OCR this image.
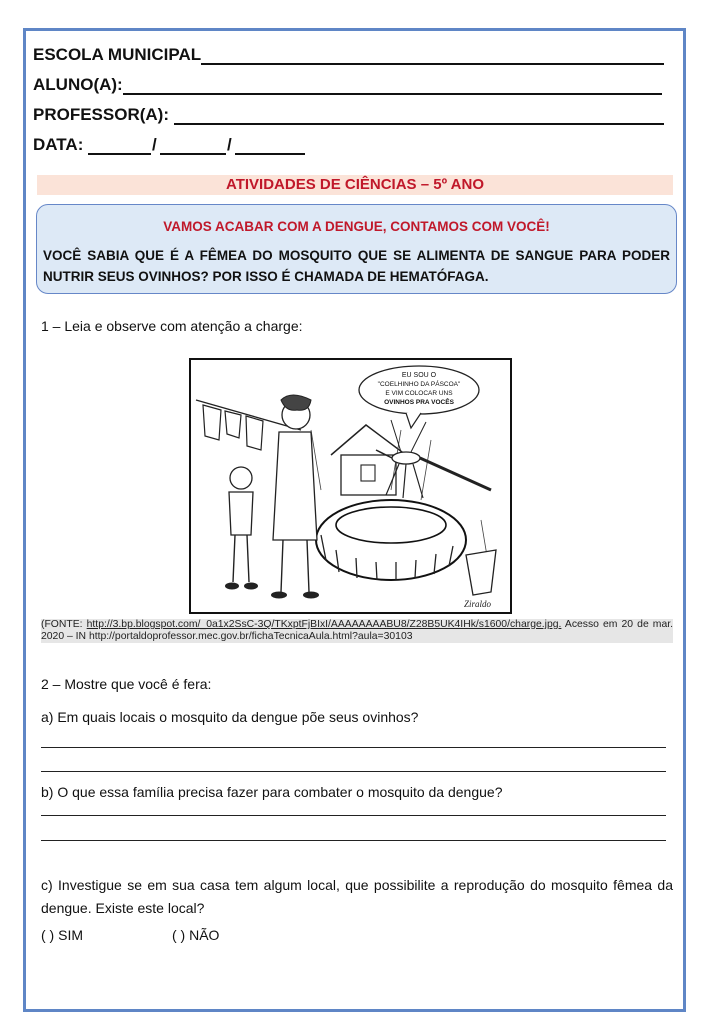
ESCOLA MUNICIPAL
ALUNO(A):
PROFESSOR(A):
DATA:	/	/
ATIVIDADES DE CIÊNCIAS – 5º ANO
VAMOS ACABAR COM A DENGUE, CONTAMOS COM VOCÊ!
VOCÊ SABIA QUE É A FÊMEA DO MOSQUITO QUE SE ALIMENTA DE SANGUE PARA PODER NUTRIR SEUS OVINHOS? POR ISSO É CHAMADA DE HEMATÓFAGA.
1 – Leia e observe com atenção a charge:
EU SOU O
"COELHINHO DA PÁSCOA"
E VIM COLOCAR UNS
OVINHOS PRA VOCÊS
Ziraldo
(FONTE: http://3.bp.blogspot.com/_0a1x2SsC-3Q/TKxptFjBIxI/AAAAAAAABU8/Z28B5UK4IHk/s1600/charge.jpg. Acesso em 20 de mar. 2020 – IN http://portaldoprofessor.mec.gov.br/fichaTecnicaAula.html?aula=30103
2 – Mostre que você é fera:
a) Em quais locais o mosquito da dengue põe seus ovinhos?
b) O que essa família precisa fazer para combater o mosquito da dengue?
c) Investigue se em sua casa tem algum local, que possibilite a reprodução do mosquito fêmea da dengue. Existe este local?
( ) SIM	( ) NÃO
